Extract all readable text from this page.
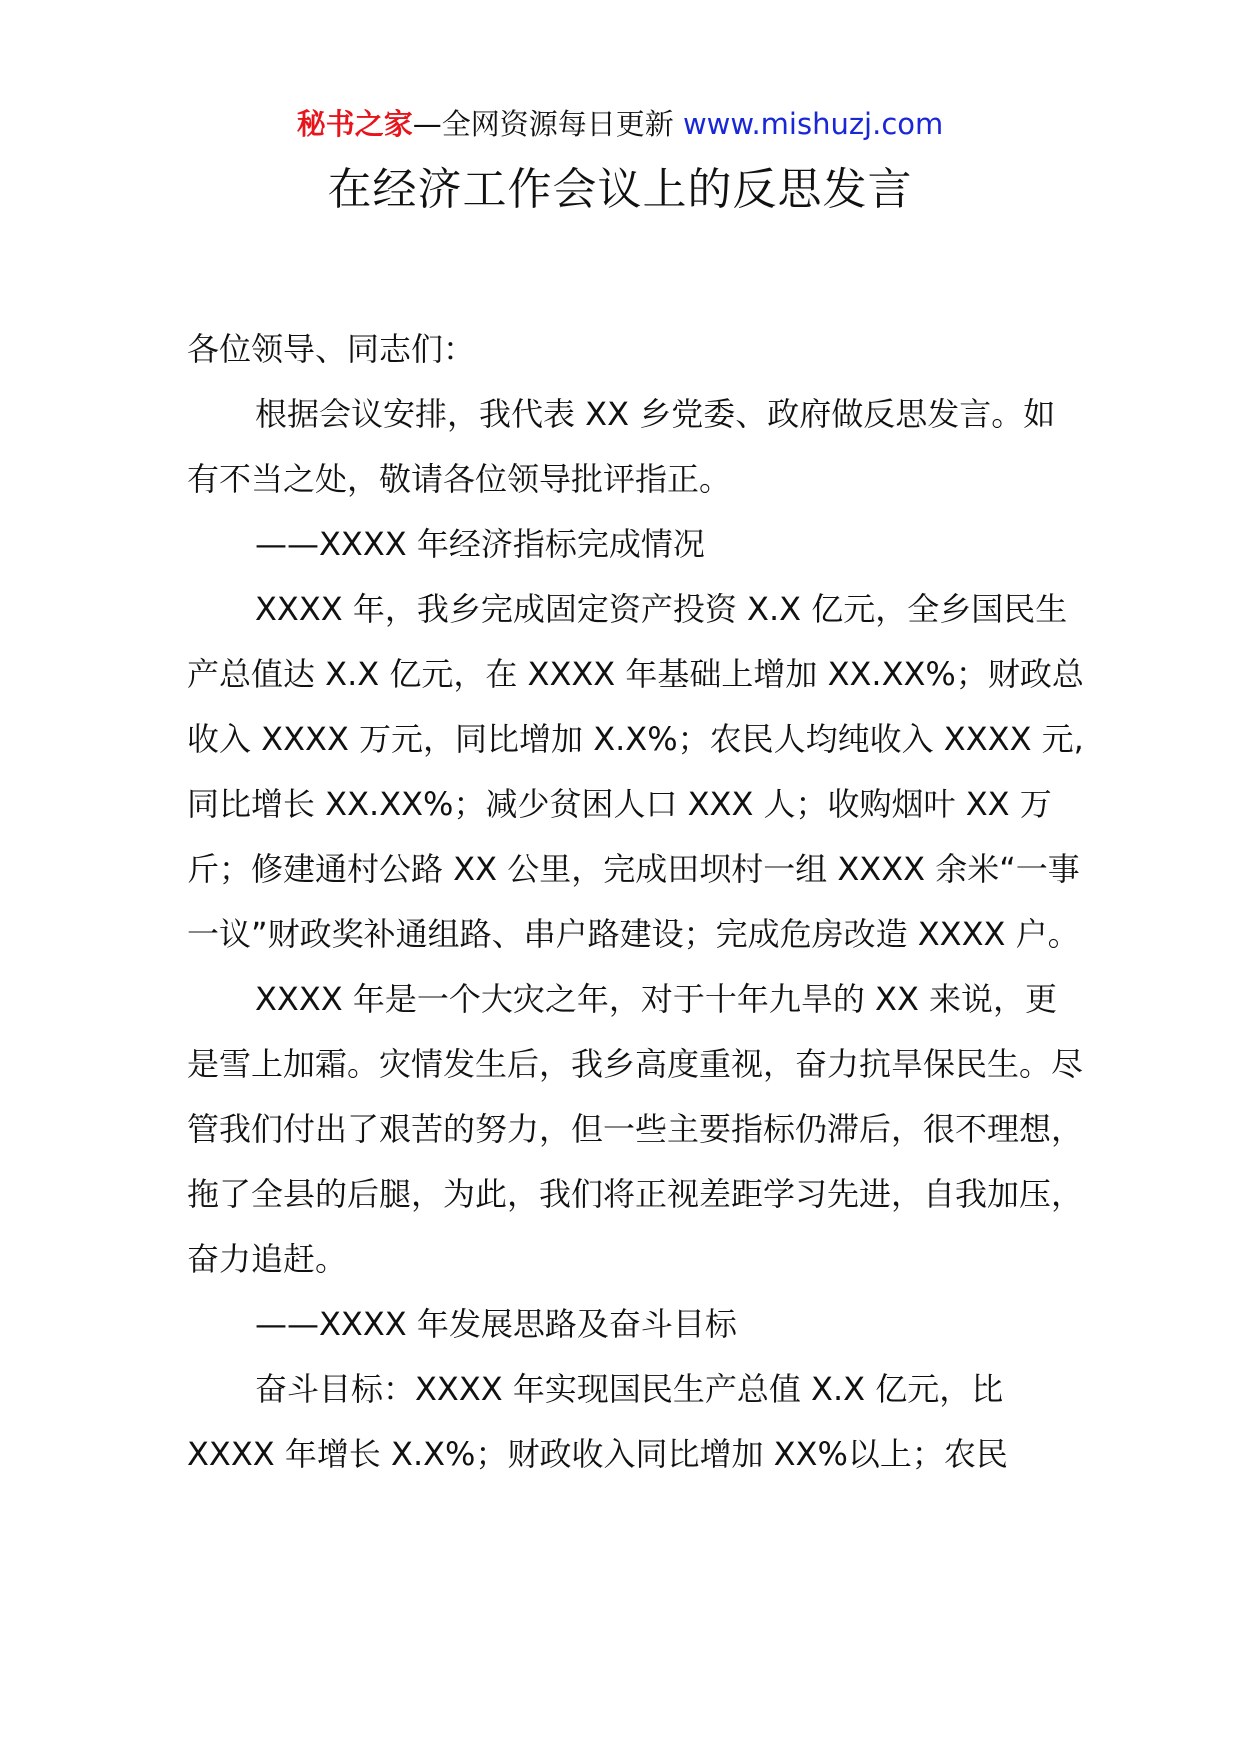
秘书之家—全网资源每日更新 www.mishuzj.com
在经济工作会议上的反思发言

各位领导、同志们：

根据会议安排，我代表 XX 乡党委、政府做反思发言。如有不当之处，敬请各位领导批评指正。

——XXXX 年经济指标完成情况

XXXX 年，我乡完成固定资产投资 X.X 亿元，全乡国民生产总值达 X.X 亿元，在 XXXX 年基础上增加 XX.XX%；财政总收入 XXXX 万元，同比增加 X.X%；农民人均纯收入 XXXX 元,同比增长 XX.XX%；减少贫困人口 XXX 人；收购烟叶 XX 万斤；修建通村公路 XX 公里，完成田坝村一组 XXXX 余米“一事一议”财政奖补通组路、串户路建设；完成危房改造 XXXX 户。

XXXX 年是一个大灾之年，对于十年九旱的 XX 来说，更是雪上加霜。灾情发生后，我乡高度重视，奋力抗旱保民生。尽管我们付出了艰苦的努力，但一些主要指标仍滞后，很不理想，拖了全县的后腿，为此，我们将正视差距学习先进，自我加压，奋力追赶。

——XXXX 年发展思路及奋斗目标

奋斗目标：XXXX 年实现国民生产总值 X.X 亿元，比 XXXX 年增长 X.X%；财政收入同比增加 XX%以上；农民
